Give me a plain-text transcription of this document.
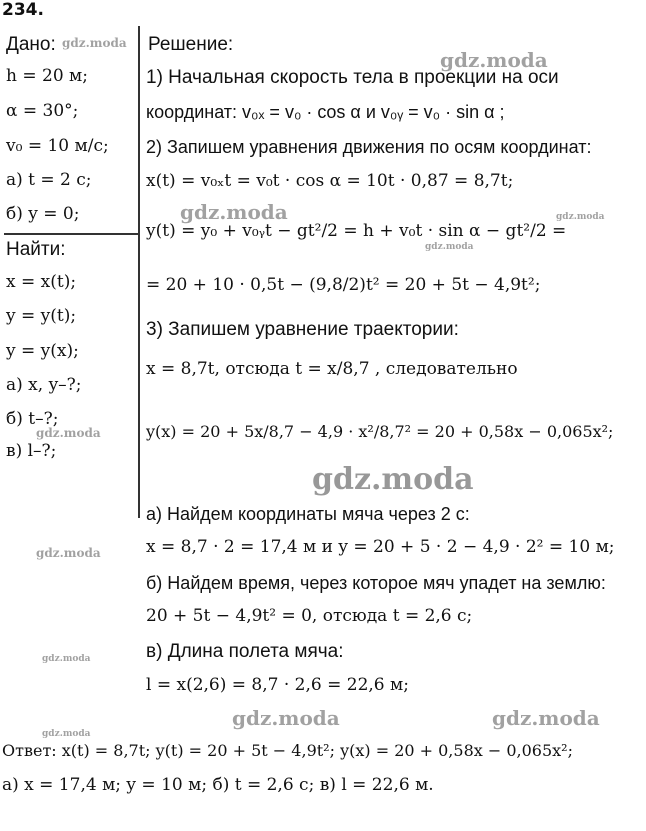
234.
Дано:
h = 20 м;
α = 30°;
v₀ = 10 м/с;
а) t = 2 с;
б) y = 0;
Найти:
x = x(t);
y = y(t);
y = y(x);
а) x, y–?;
б) t–?;
в) l–?;
Решение:
1) Начальная скорость тела в проекции на оси
координат: v₀ₓ = v₀ · cos α и v₀ᵧ = v₀ · sin α ;
2) Запишем уравнения движения по осям координат:
x(t) = v₀ₓt = v₀t · cos α = 10t · 0,87 = 8,7t;
y(t) = y₀ + v₀ᵧt − gt²/2 = h + v₀t · sin α − gt²/2 =
= 20 + 10 · 0,5t − (9,8/2)t² = 20 + 5t − 4,9t²;
3) Запишем уравнение траектории:
x = 8,7t, отсюда t = x/8,7 , следовательно
y(x) = 20 + 5x/8,7 − 4,9 · x²/8,7² = 20 + 0,58x − 0,065x²;
а) Найдем координаты мяча через 2 с:
x = 8,7 · 2 = 17,4 м и y = 20 + 5 · 2 − 4,9 · 2² = 10 м;
б) Найдем время, через которое мяч упадет на землю:
20 + 5t − 4,9t² = 0, отсюда t = 2,6 с;
в) Длина полета мяча:
l = x(2,6) = 8,7 · 2,6 = 22,6 м;
Ответ: x(t) = 8,7t; y(t) = 20 + 5t − 4,9t²; y(x) = 20 + 0,58x − 0,065x²;
а) x = 17,4 м; y = 10 м; б) t = 2,6 с; в) l = 22,6 м.
gdz.moda
gdz.moda
gdz.moda	gdz.moda
gdz.moda
gdz.moda
gdz.moda
gdz.moda
gdz.moda
gdz.moda
gdz.moda	gdz.moda
